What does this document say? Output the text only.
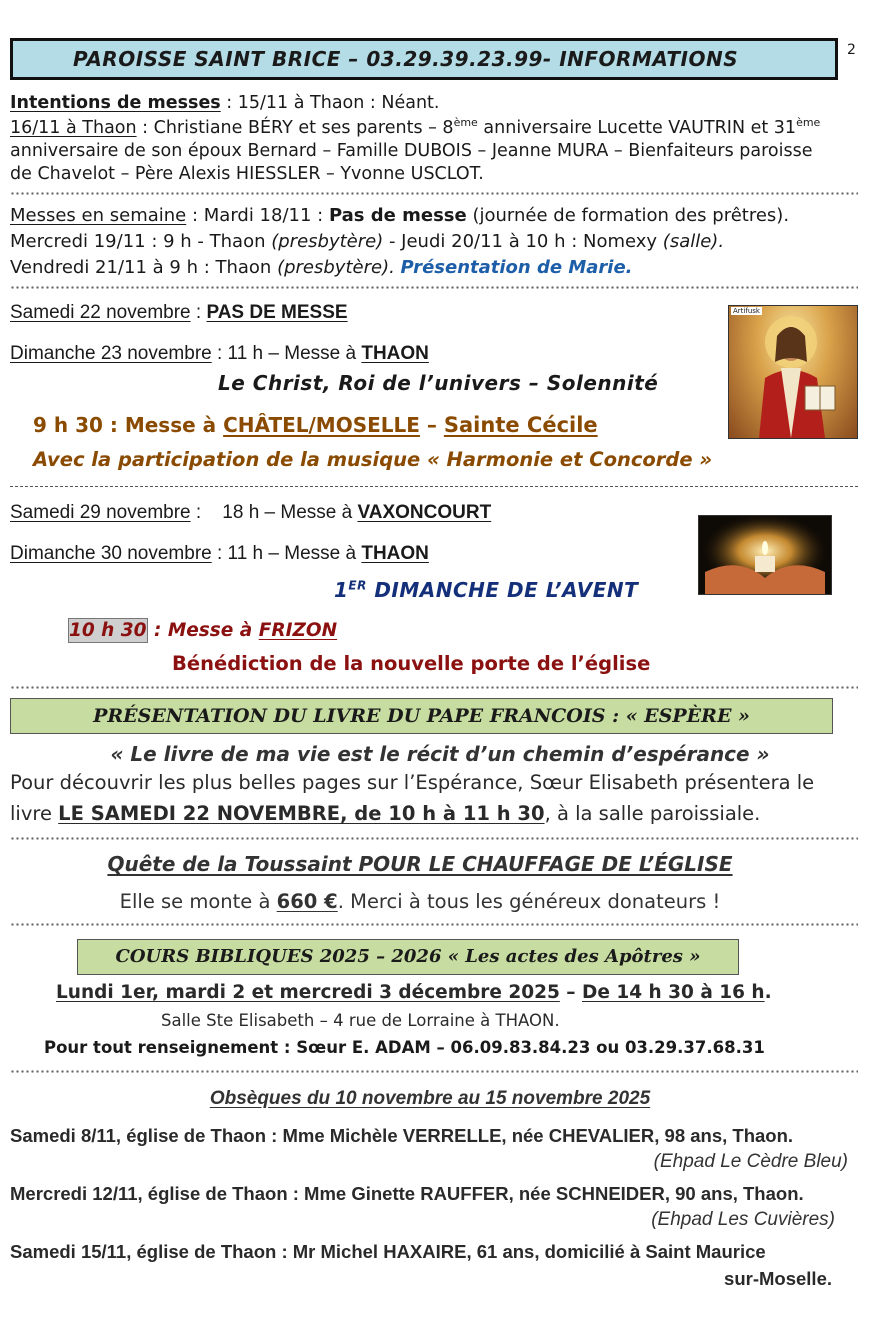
2
PAROISSE SAINT BRICE – 03.29.39.23.99- INFORMATIONS
Intentions de messes : 15/11 à Thaon : Néant.
16/11 à Thaon : Christiane BÉRY et ses parents – 8ème anniversaire Lucette VAUTRIN et 31ème
anniversaire de son époux Bernard – Famille DUBOIS – Jeanne MURA – Bienfaiteurs paroisse
de Chavelot – Père Alexis HIESSLER – Yvonne USCLOT.
Messes en semaine : Mardi 18/11 : Pas de messe (journée de formation des prêtres).
Mercredi 19/11 : 9 h - Thaon (presbytère) - Jeudi 20/11 à 10 h : Nomexy (salle).
Vendredi 21/11 à 9 h : Thaon (presbytère). Présentation de Marie.
Samedi 22 novembre : PAS DE MESSE
Dimanche 23 novembre : 11 h – Messe à THAON
Le Christ, Roi de l’univers – Solennité
Artifusk
9 h 30 : Messe à CHÂTEL/MOSELLE – Sainte Cécile
Avec la participation de la musique « Harmonie et Concorde »
Samedi 29 novembre :    18 h – Messe à VAXONCOURT
Dimanche 30 novembre : 11 h – Messe à THAON
1ER DIMANCHE DE L’AVENT
10 h 30 : Messe à FRIZON
Bénédiction de la nouvelle porte de l’église
PRÉSENTATION DU LIVRE DU PAPE FRANCOIS : « ESPÈRE »
« Le livre de ma vie est le récit d’un chemin d’espérance »
Pour découvrir les plus belles pages sur l’Espérance, Sœur Elisabeth présentera le
livre LE SAMEDI 22 NOVEMBRE, de 10 h à 11 h 30, à la salle paroissiale.
Quête de la Toussaint POUR LE CHAUFFAGE DE L’ÉGLISE
Elle se monte à 660 €. Merci à tous les généreux donateurs !
COURS BIBLIQUES 2025 – 2026 « Les actes des Apôtres »
Lundi 1er, mardi 2 et mercredi 3 décembre 2025 – De 14 h 30 à 16 h.
Salle Ste Elisabeth – 4 rue de Lorraine à THAON.
Pour tout renseignement : Sœur E. ADAM – 06.09.83.84.23 ou 03.29.37.68.31
Obsèques du 10 novembre au 15 novembre 2025
Samedi 8/11, église de Thaon : Mme Michèle VERRELLE, née CHEVALIER, 98 ans, Thaon.
(Ehpad Le Cèdre Bleu)
Mercredi 12/11, église de Thaon : Mme Ginette RAUFFER, née SCHNEIDER, 90 ans, Thaon.
(Ehpad Les Cuvières)
Samedi 15/11, église de Thaon : Mr Michel HAXAIRE, 61 ans, domicilié à Saint Maurice
sur-Moselle.
